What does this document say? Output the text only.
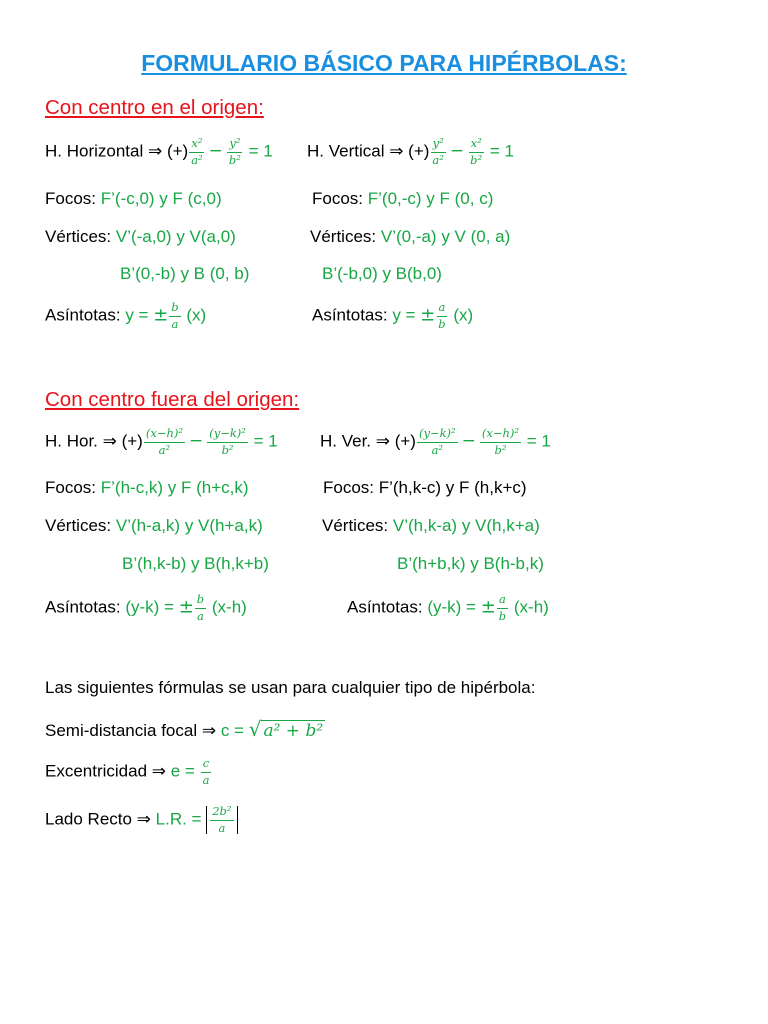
FORMULARIO BÁSICO PARA HIPÉRBOLAS:
Con centro en el origen:
H. Horizontal ⇒ (+) $\frac{\text{x²}}{\text{a²}} - \frac{\text{y²}}{\text{b²}} = 1$ H. Vertical ⇒ (+) $\frac{\text{y²}}{\text{a²}} - \frac{\text{x²}}{\text{b²}} = 1$
Focos: F’(-c,0) y F (c,0)	Focos: F’(0,-c) y F (0, c)
Vértices: V’(-a,0) y V(a,0)	Vértices: V’(0,-a) y V (0, a)
B’(0,-b) y B (0, b)	B’(-b,0) y B(b,0)
Asíntotas: y = ± $\frac{b}{a} (x)$	Asíntotas: y = ± $\frac{a}{b} (x)$
Con centro fuera del origen:
H. Hor. ⇒ (+) $\frac{\text{(x−h)²}}{\text{a²}} - \frac{\text{(y−k)²}}{\text{b²}} = 1$ H. Ver. ⇒ (+) $\frac{\text{(y−k)²}}{\text{a²}} - \frac{\text{(x−h)²}}{\text{b²}} = 1$
Focos: F’(h-c,k) y F (h+c,k)	Focos: F’(h,k-c) y F (h,k+c)
Vértices: V’(h-a,k) y V(h+a,k)	Vértices: V’(h,k-a) y V(h,k+a)
B’(h,k-b) y B(h,k+b)	B’(h+b,k) y B(h-b,k)
Asíntotas: (y-k) = ± $\frac{b}{a} (x-h)$	Asíntotas: (y-k) = ± $\frac{a}{b} (x-h)$
Las siguientes fórmulas se usan para cualquier tipo de hipérbola:
Semi-distancia focal ⇒ c = √ a² + b²
Excentricidad ⇒ $e = \frac{c}{a}$
Lado Recto ⇒ L.R. = $\frac{\text{2b²}}{a}$
